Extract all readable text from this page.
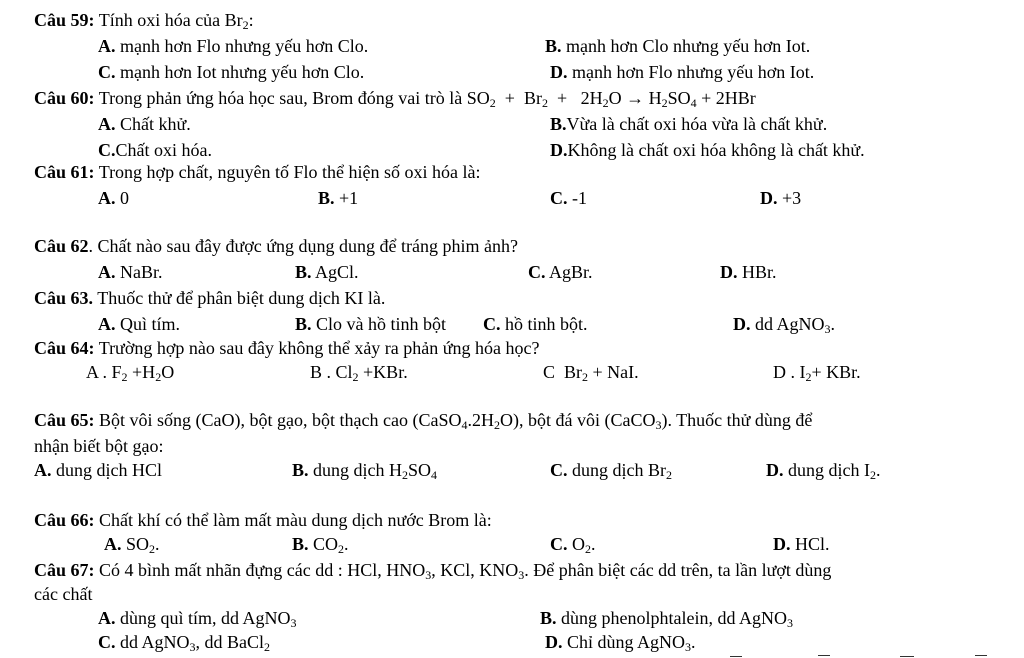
Câu 59: Tính oxi hóa của $Br_2$:
A. mạnh hơn Flo nhưng yếu hơn Clo.	B. mạnh hơn Clo nhưng yếu hơn Iot.
C. mạnh hơn Iot nhưng yếu hơn Clo.	D. mạnh hơn Flo nhưng yếu hơn Iot.
Câu 60: Trong phản ứng hóa học sau, Brom đóng vai trò là $SO_2 + Br_2 + 2H_2O \to H_2SO_4 + 2HBr$
A. Chất khử.	B.Vừa là chất oxi hóa vừa là chất khử.
C.Chất oxi hóa.	D.Không là chất oxi hóa không là chất khử.
Câu 61: Trong hợp chất, nguyên tố Flo thể hiện số oxi hóa là:
A. 0	B. +1	C. -1	D. +3
Câu 62. Chất nào sau đây được ứng dụng dung để tráng phim ảnh?
A. NaBr.	B. AgCl.	C. AgBr.	D. HBr.
Câu 63. Thuốc thử để phân biệt dung dịch KI là.
A. Quì tím.	B. Clo và hồ tinh bột C. hồ tinh bột.	D. dd AgNO$_3$.
Câu 64: Trường hợp nào sau đây không thể xảy ra phản ứng hóa học?
A . $F_2 +H_2O$	B . $Cl_2 +KBr$.	C $Br_2$ + NaI.	D . $I_2+$ KBr.
Câu 65: Bột vôi sống (CaO), bột gạo, bột thạch cao $(CaSO_4.2H_2O)$, bột đá vôi (CaCO$_3$). Thuốc thử dùng để
nhận biết bột gạo:
A. dung dịch HCl	B. dung dịch $H_2SO_4$	C. dung dịch $Br_2$	D. dung dịch $I_2$.
Câu 66: Chất khí có thể làm mất màu dung dịch nước Brom là:
A. $SO_2$.	B. $CO_2$.	C. $O_2$.	D. HCl.
Câu 67: Có 4 bình mất nhãn đựng các dd : HCl, $HNO_3$, KCl, $KNO_3$. Để phân biệt các dd trên, ta lần lượt dùng
các chất
A. dùng quì tím, dd AgNO$_3$	B. dùng phenolphtalein, dd AgNO$_3$
C. dd AgNO$_3$, dd BaCl$_2$	D. Chỉ dùng AgNO$_3$.
